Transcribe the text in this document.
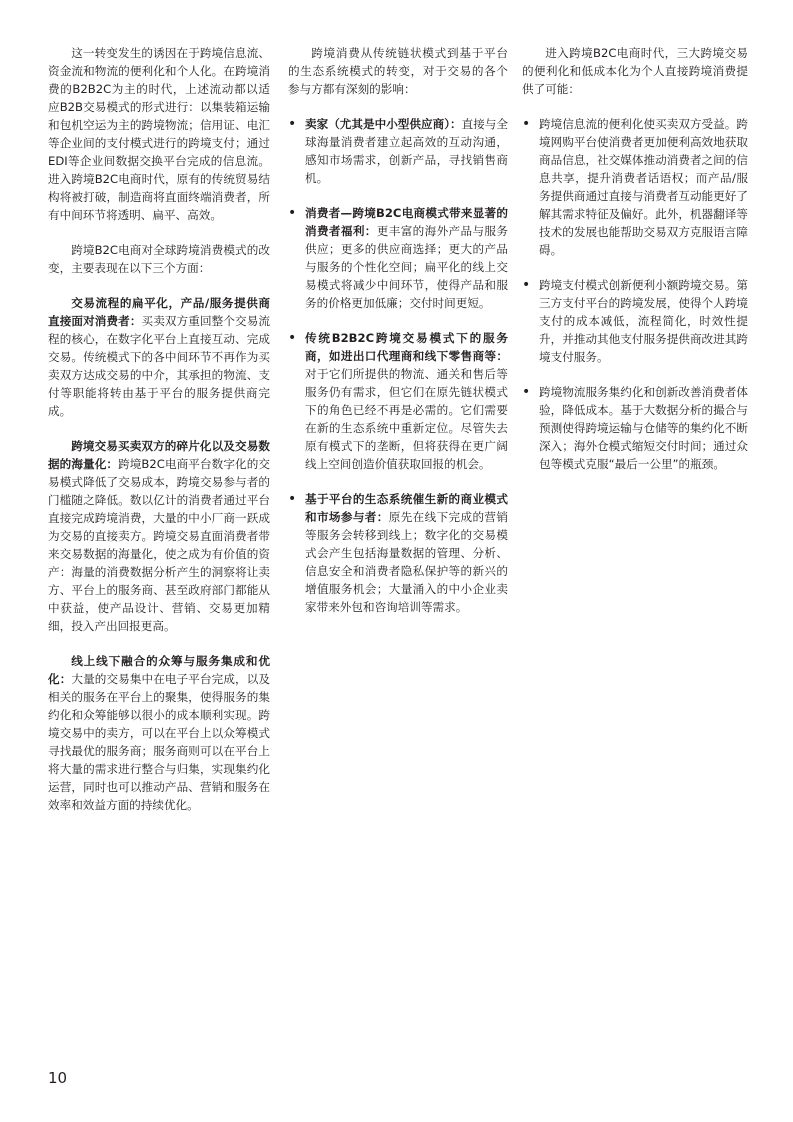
这一转变发生的诱因在于跨境信息流、资金流和物流的便利化和个人化。在跨境消费的B2B2C为主的时代，上述流动都以适应B2B交易模式的形式进行：以集装箱运输和包机空运为主的跨境物流；信用证、电汇等企业间的支付模式进行的跨境支付；通过EDI等企业间数据交换平台完成的信息流。进入跨境B2C电商时代，原有的传统贸易结构将被打破，制造商将直面终端消费者，所有中间环节将透明、扁平、高效。

跨境B2C电商对全球跨境消费模式的改变，主要表现在以下三个方面：

交易流程的扁平化，产品/服务提供商直接面对消费者：买卖双方重回整个交易流程的核心，在数字化平台上直接互动、完成交易。传统模式下的各中间环节不再作为买卖双方达成交易的中介，其承担的物流、支付等职能将转由基于平台的服务提供商完成。

跨境交易买卖双方的碎片化以及交易数据的海量化：跨境B2C电商平台数字化的交易模式降低了交易成本，跨境交易参与者的门槛随之降低。数以亿计的消费者通过平台直接完成跨境消费，大量的中小厂商一跃成为交易的直接卖方。跨境交易直面消费者带来交易数据的海量化，使之成为有价值的资产：海量的消费数据分析产生的洞察将让卖方、平台上的服务商、甚至政府部门都能从中获益，使产品设计、营销、交易更加精细，投入产出回报更高。

线上线下融合的众筹与服务集成和优化：大量的交易集中在电子平台完成，以及相关的服务在平台上的聚集，使得服务的集约化和众筹能够以很小的成本顺利实现。跨境交易中的卖方，可以在平台上以众筹模式寻找最优的服务商；服务商则可以在平台上将大量的需求进行整合与归集，实现集约化运营，同时也可以推动产品、营销和服务在效率和效益方面的持续优化。

跨境消费从传统链状模式到基于平台的生态系统模式的转变，对于交易的各个参与方都有深刻的影响：

• 卖家（尤其是中小型供应商）：直接与全球海量消费者建立起高效的互动沟通，感知市场需求，创新产品，寻找销售商机。
• 消费者—跨境B2C电商模式带来显著的消费者福利：更丰富的海外产品与服务供应；更多的供应商选择；更大的产品与服务的个性化空间；扁平化的线上交易模式将减少中间环节，使得产品和服务的价格更加低廉；交付时间更短。
• 传统B2B2C跨境交易模式下的服务商，如进出口代理商和线下零售商等：对于它们所提供的物流、通关和售后等服务仍有需求，但它们在原先链状模式下的角色已经不再是必需的。它们需要在新的生态系统中重新定位。尽管失去原有模式下的垄断，但将获得在更广阔线上空间创造价值获取回报的机会。
• 基于平台的生态系统催生新的商业模式和市场参与者：原先在线下完成的营销等服务会转移到线上；数字化的交易模式会产生包括海量数据的管理、分析、信息安全和消费者隐私保护等的新兴的增值服务机会；大量涌入的中小企业卖家带来外包和咨询培训等需求。

进入跨境B2C电商时代，三大跨境交易的便利化和低成本化为个人直接跨境消费提供了可能：

• 跨境信息流的便利化使买卖双方受益。跨境网购平台使消费者更加便利高效地获取商品信息，社交媒体推动消费者之间的信息共享，提升消费者话语权；而产品/服务提供商通过直接与消费者互动能更好了解其需求特征及偏好。此外，机器翻译等技术的发展也能帮助交易双方克服语言障碍。
• 跨境支付模式创新便利小额跨境交易。第三方支付平台的跨境发展，使得个人跨境支付的成本减低，流程简化，时效性提升，并推动其他支付服务提供商改进其跨境支付服务。
• 跨境物流服务集约化和创新改善消费者体验，降低成本。基于大数据分析的撮合与预测使得跨境运输与仓储等的集约化不断深入；海外仓模式缩短交付时间；通过众包等模式克服“最后一公里”的瓶颈。
10
